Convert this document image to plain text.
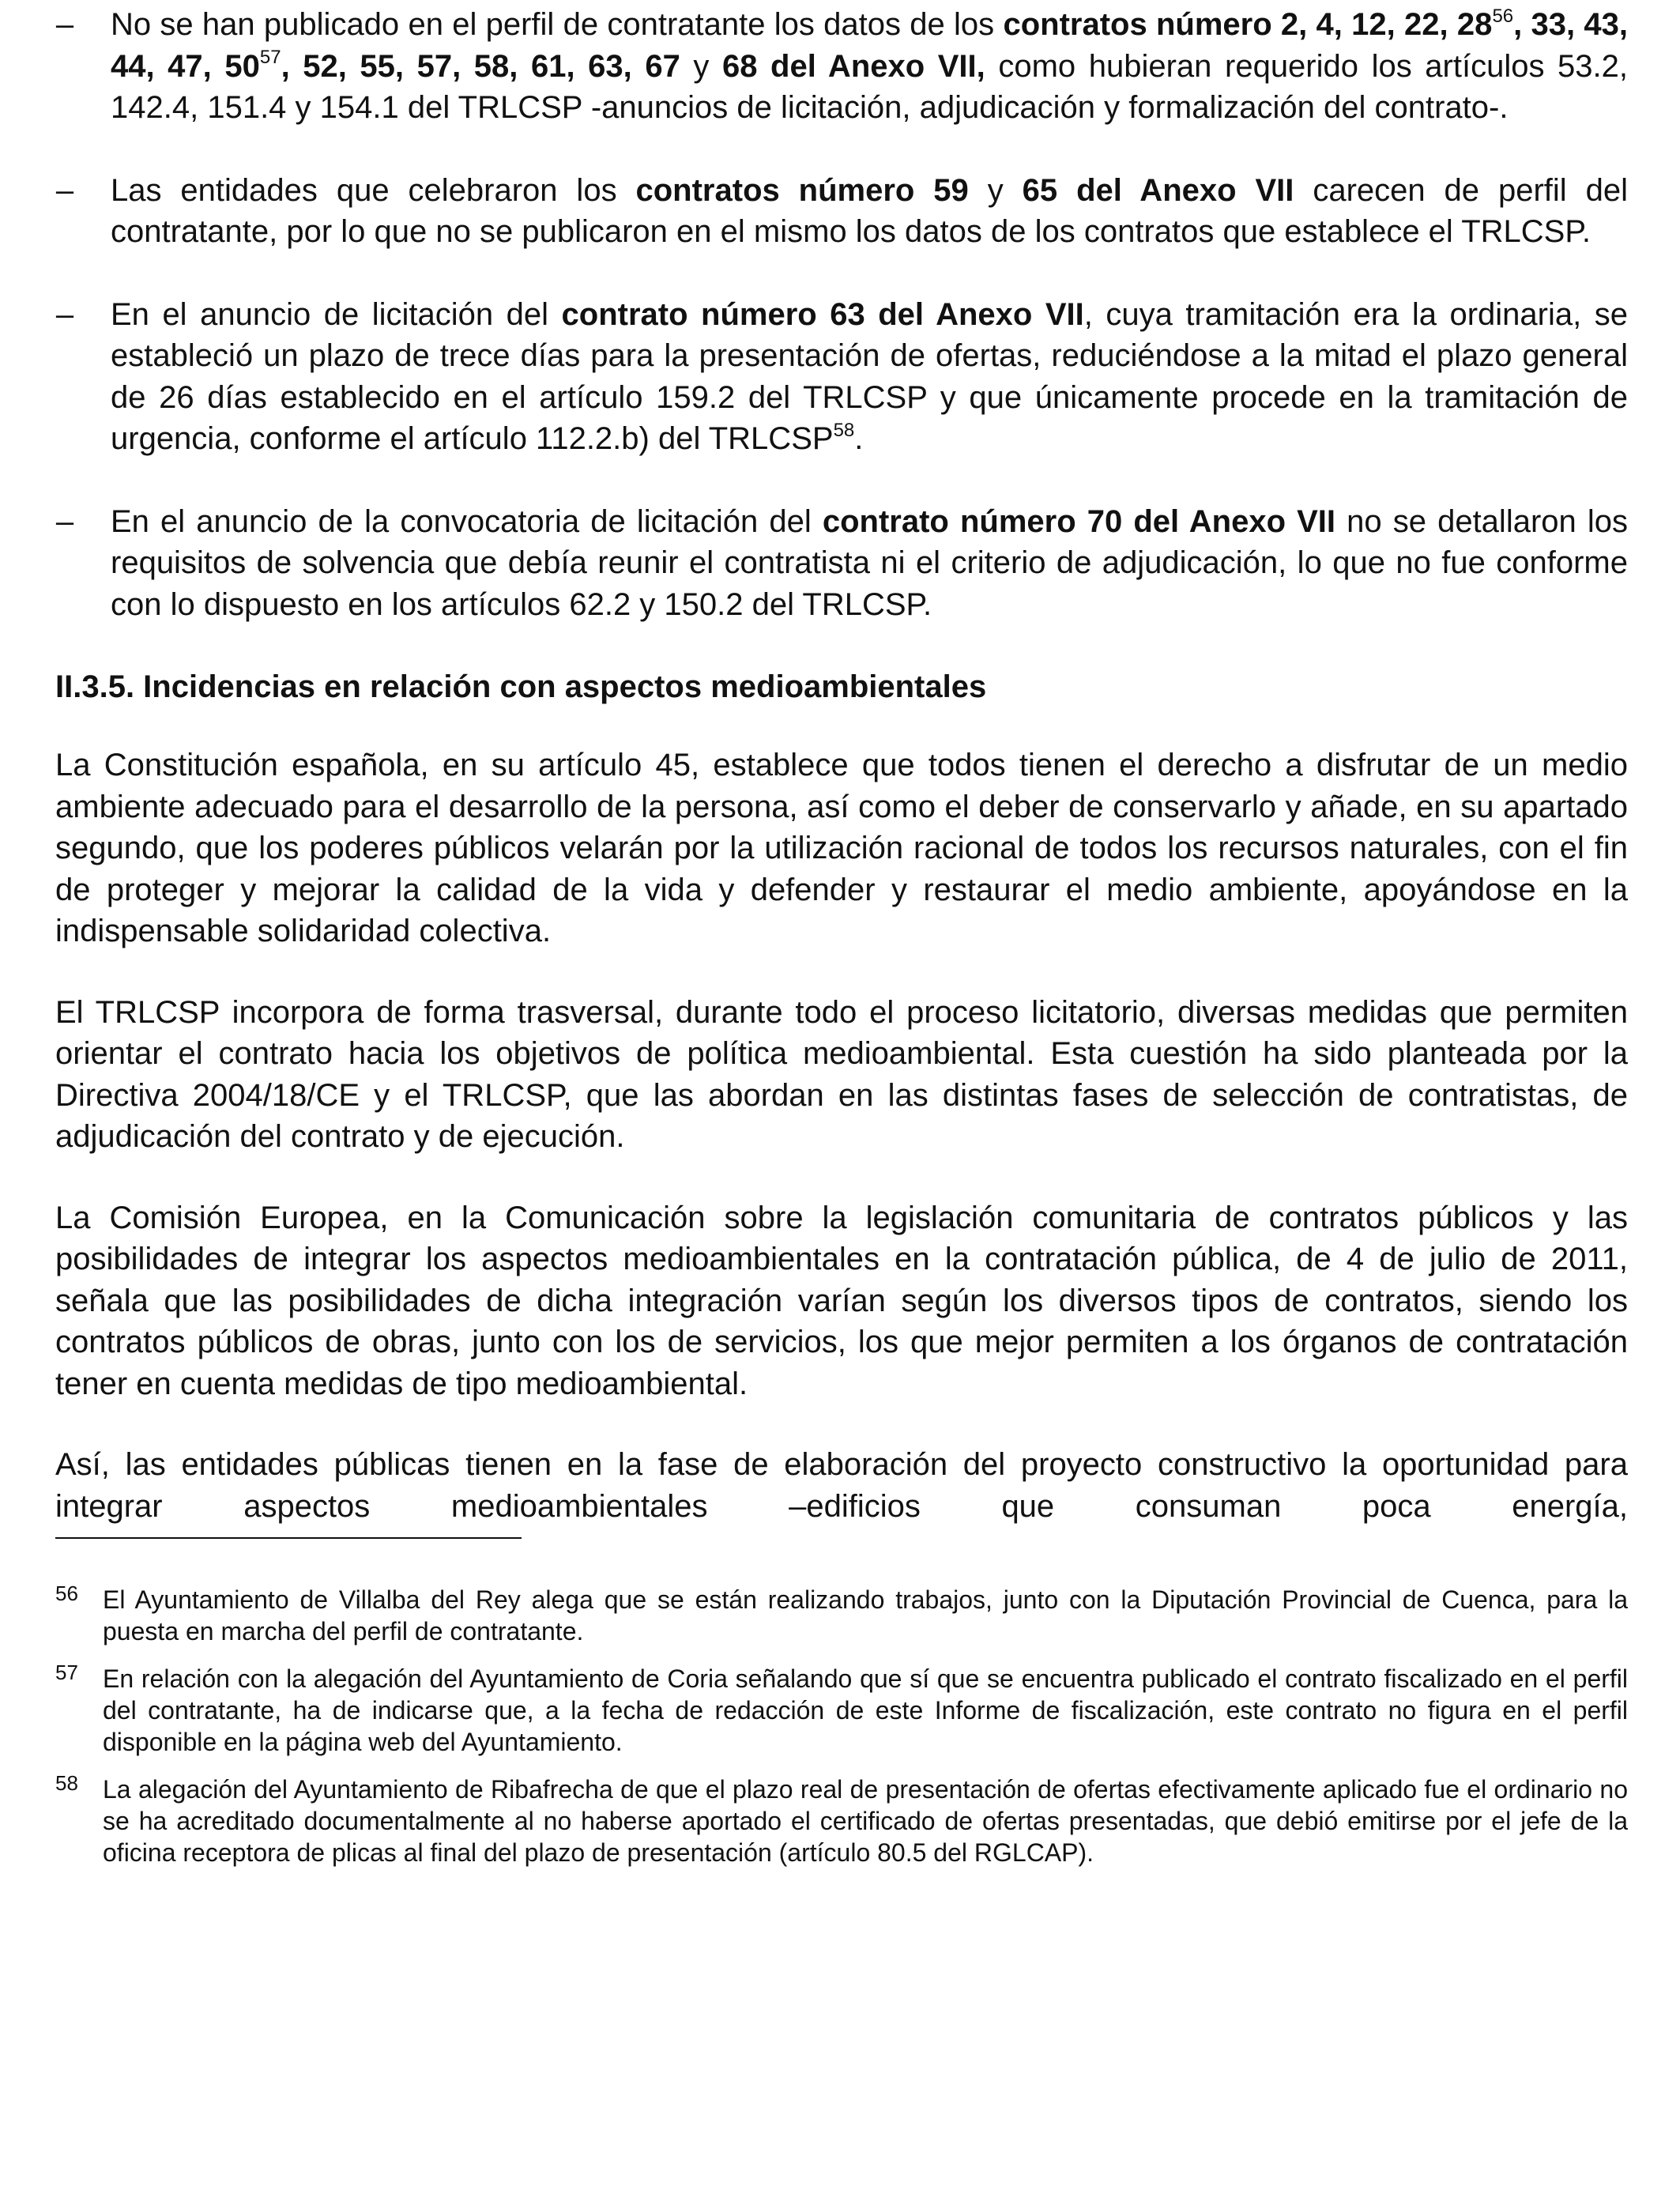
– No se han publicado en el perfil de contratante los datos de los contratos número 2, 4, 12, 22, $28^{56}$, 33, 43, 44, 47, $50^{57}$, 52, 55, 57, 58, 61, 63, 67 y 68 del Anexo VII, como hubieran requerido los artículos 53.2, 142.4, 151.4 y 154.1 del TRLCSP -anuncios de licitación, adjudicación y formalización del contrato-.
– Las entidades que celebraron los contratos número 59 y 65 del Anexo VII carecen de perfil del contratante, por lo que no se publicaron en el mismo los datos de los contratos que establece el TRLCSP.
– En el anuncio de licitación del contrato número 63 del Anexo VII, cuya tramitación era la ordinaria, se estableció un plazo de trece días para la presentación de ofertas, reduciéndose a la mitad el plazo general de 26 días establecido en el artículo 159.2 del TRLCSP y que únicamente procede en la tramitación de urgencia, conforme el artículo 112.2.b) del TRLCSP$^{58}$.
– En el anuncio de la convocatoria de licitación del contrato número 70 del Anexo VII no se detallaron los requisitos de solvencia que debía reunir el contratista ni el criterio de adjudicación, lo que no fue conforme con lo dispuesto en los artículos 62.2 y 150.2 del TRLCSP.
II.3.5. Incidencias en relación con aspectos medioambientales

La Constitución española, en su artículo 45, establece que todos tienen el derecho a disfrutar de un medio ambiente adecuado para el desarrollo de la persona, así como el deber de conservarlo y añade, en su apartado segundo, que los poderes públicos velarán por la utilización racional de todos los recursos naturales, con el fin de proteger y mejorar la calidad de la vida y defender y restaurar el medio ambiente, apoyándose en la indispensable solidaridad colectiva.

El TRLCSP incorpora de forma trasversal, durante todo el proceso licitatorio, diversas medidas que permiten orientar el contrato hacia los objetivos de política medioambiental. Esta cuestión ha sido planteada por la Directiva 2004/18/CE y el TRLCSP, que las abordan en las distintas fases de selección de contratistas, de adjudicación del contrato y de ejecución.

La Comisión Europea, en la Comunicación sobre la legislación comunitaria de contratos públicos y las posibilidades de integrar los aspectos medioambientales en la contratación pública, de 4 de julio de 2011, señala que las posibilidades de dicha integración varían según los diversos tipos de contratos, siendo los contratos públicos de obras, junto con los de servicios, los que mejor permiten a los órganos de contratación tener en cuenta medidas de tipo medioambiental.

Así, las entidades públicas tienen en la fase de elaboración del proyecto constructivo la oportunidad para integrar aspectos medioambientales –edificios que consuman poca energía,

56 El Ayuntamiento de Villalba del Rey alega que se están realizando trabajos, junto con la Diputación Provincial de Cuenca, para la puesta en marcha del perfil de contratante.
57 En relación con la alegación del Ayuntamiento de Coria señalando que sí que se encuentra publicado el contrato fiscalizado en el perfil del contratante, ha de indicarse que, a la fecha de redacción de este Informe de fiscalización, este contrato no figura en el perfil disponible en la página web del Ayuntamiento.
58 La alegación del Ayuntamiento de Ribafrecha de que el plazo real de presentación de ofertas efectivamente aplicado fue el ordinario no se ha acreditado documentalmente al no haberse aportado el certificado de ofertas presentadas, que debió emitirse por el jefe de la oficina receptora de plicas al final del plazo de presentación (artículo 80.5 del RGLCAP).
